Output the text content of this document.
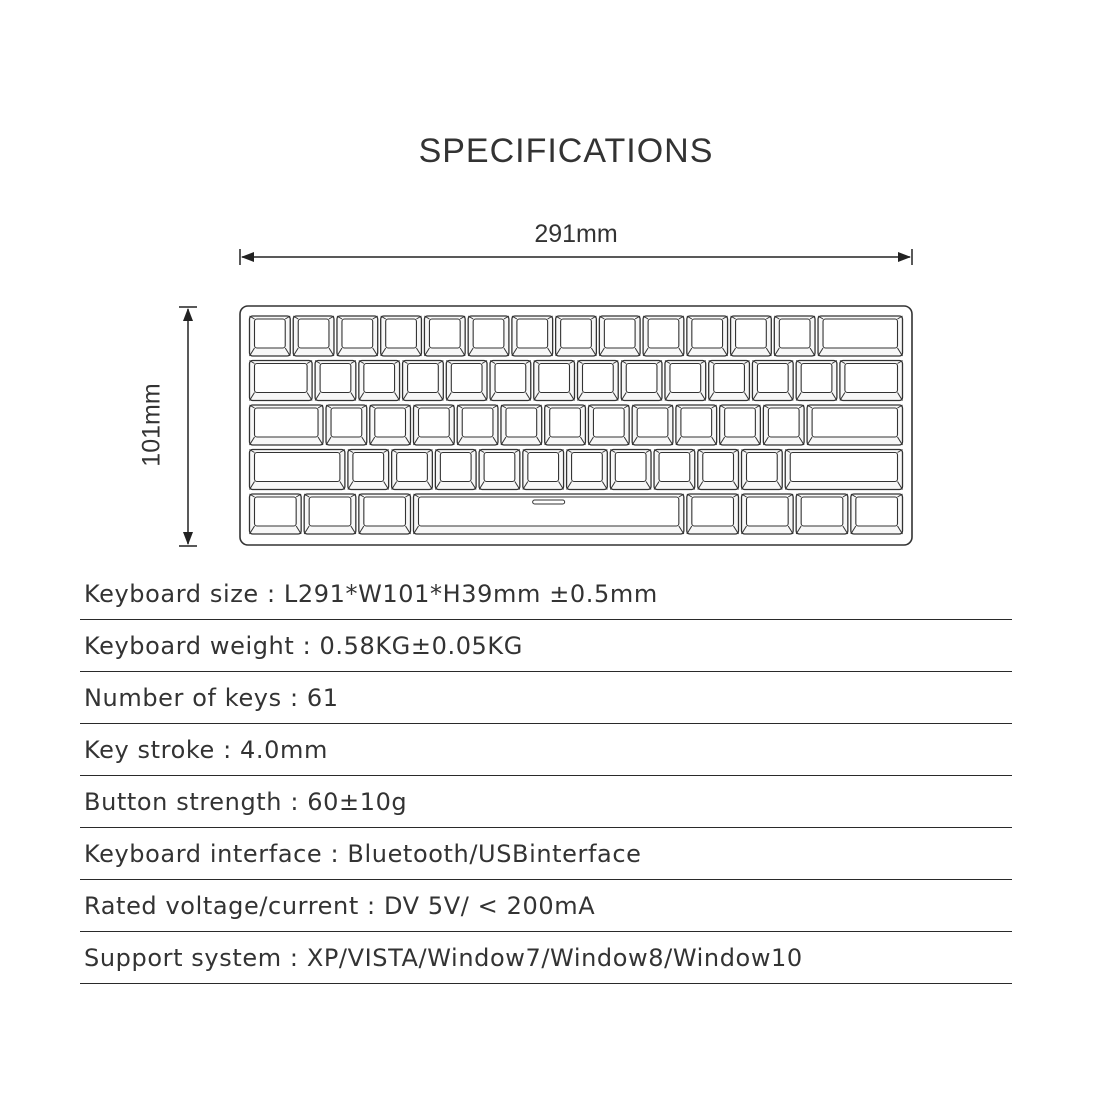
SPECIFICATIONS
291mm
101mm
Keyboard size : L291*W101*H39mm ±0.5mm
Keyboard weight : 0.58KG±0.05KG
Number of keys : 61
Key stroke : 4.0mm
Button strength : 60±10g
Keyboard interface : Bluetooth/USBinterface
Rated voltage/current : DV 5V/ < 200mA
Support system : XP/VISTA/Window7/Window8/Window10
